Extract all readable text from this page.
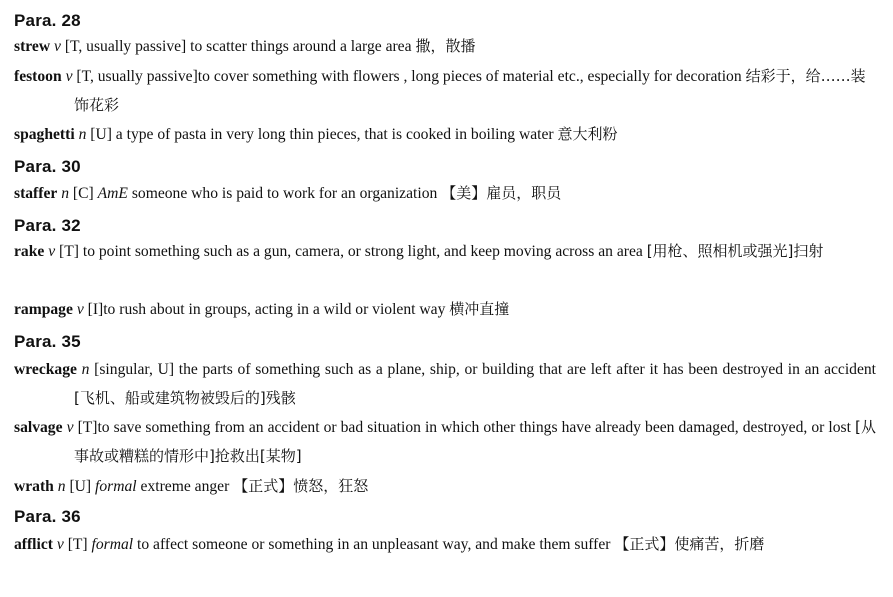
Para. 28
strew v [T, usually passive] to scatter things around a large area 撒，散播
festoon v [T, usually passive]to cover something with flowers , long pieces of material etc., especially for decoration 结彩于，给……装饰花彩
spaghetti n [U] a type of pasta in very long thin pieces, that is cooked in boiling water 意大利粉
Para. 30
staffer n [C] AmE someone who is paid to work for an organization 【美】雇员，职员
Para. 32
rake v [T] to point something such as a gun, camera, or strong light, and keep moving across an area [用枪、照相机或强光]扫射
rampage v [I]to rush about in groups, acting in a wild or violent way 横冲直撞
Para. 35
wreckage n [singular, U] the parts of something such as a plane, ship, or building that are left after it has been destroyed in an accident [飞机、船或建筑物被毁后的]残骸
salvage v [T]to save something from an accident or bad situation in which other things have already been damaged, destroyed, or lost [从事故或糟糕的情形中]抢救出[某物]
wrath n [U] formal extreme anger 【正式】愤怒，狂怒
Para. 36
afflict v [T] formal to affect someone or something in an unpleasant way, and make them suffer 【正式】使痛苦，折磨
